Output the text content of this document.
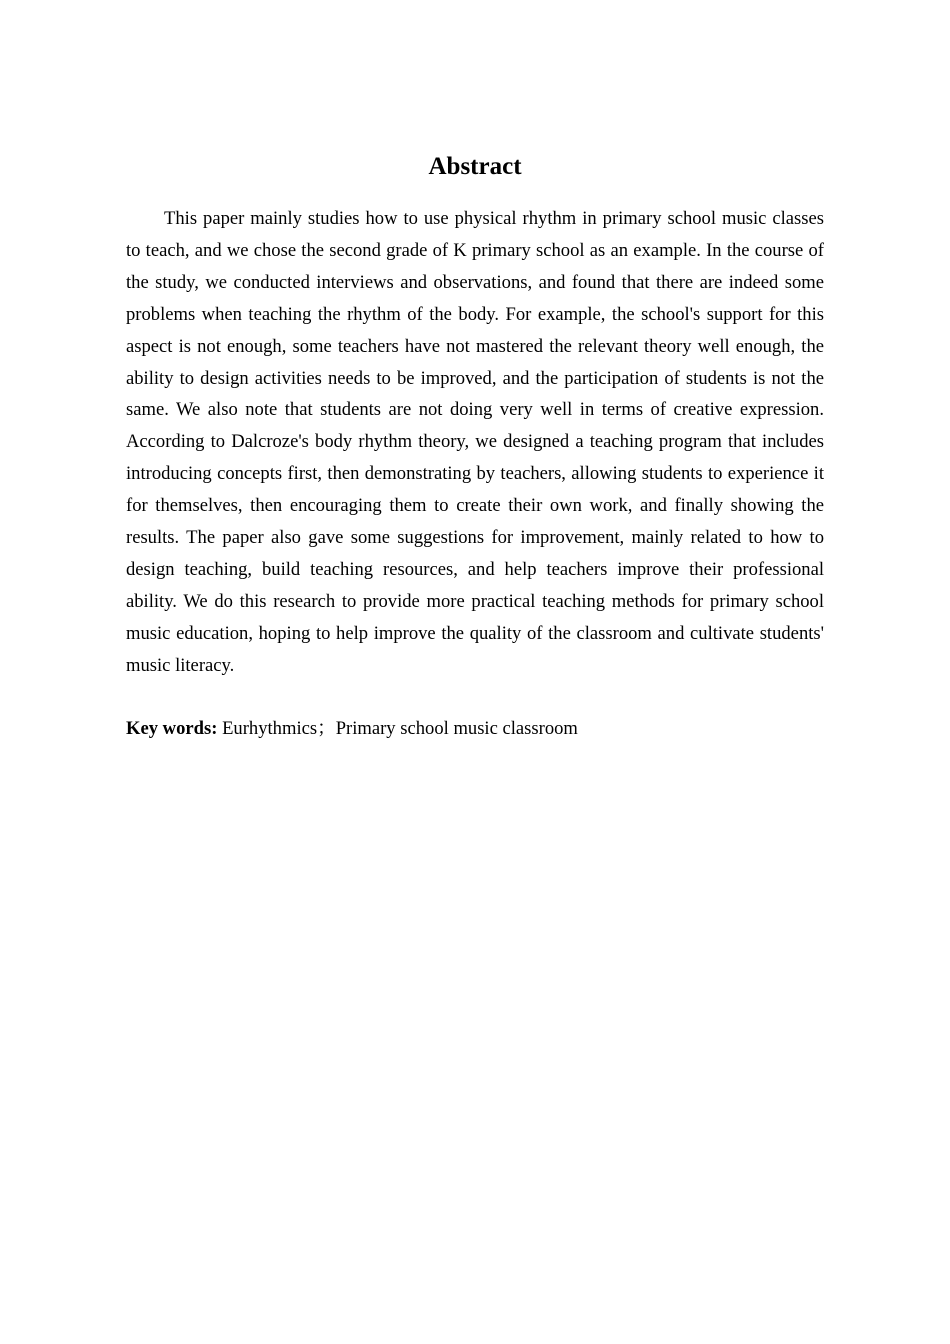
Abstract

This paper mainly studies how to use physical rhythm in primary school music classes to teach, and we chose the second grade of K primary school as an example. In the course of the study, we conducted interviews and observations, and found that there are indeed some problems when teaching the rhythm of the body. For example, the school's support for this aspect is not enough, some teachers have not mastered the relevant theory well enough, the ability to design activities needs to be improved, and the participation of students is not the same. We also note that students are not doing very well in terms of creative expression. According to Dalcroze's body rhythm theory, we designed a teaching program that includes introducing concepts first, then demonstrating by teachers, allowing students to experience it for themselves, then encouraging them to create their own work, and finally showing the results. The paper also gave some suggestions for improvement, mainly related to how to design teaching, build teaching resources, and help teachers improve their professional ability. We do this research to provide more practical teaching methods for primary school music education, hoping to help improve the quality of the classroom and cultivate students' music literacy.

Key words: Eurhythmics；Primary school music classroom
